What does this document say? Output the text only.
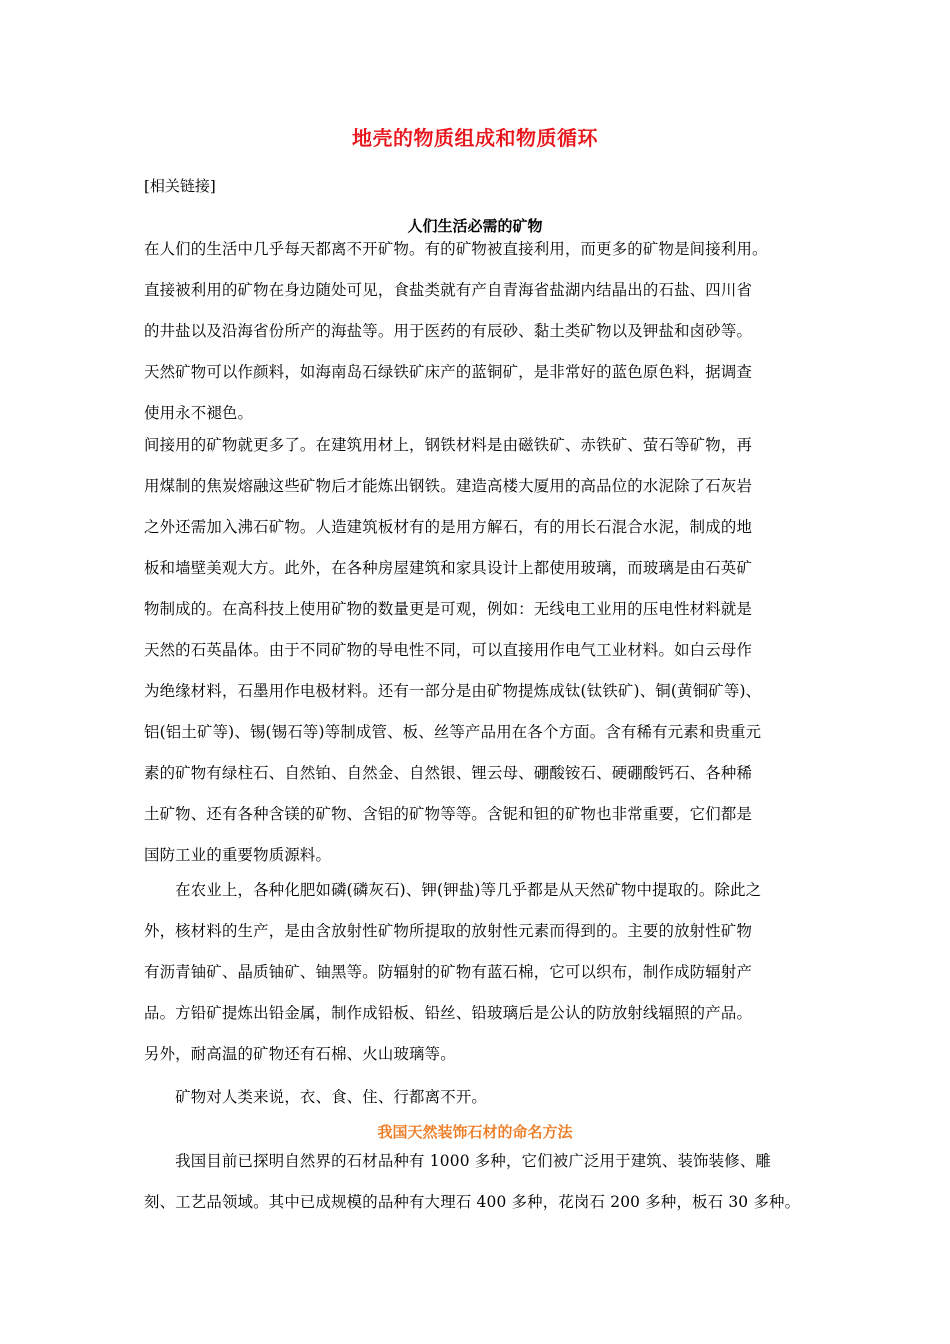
地壳的物质组成和物质循环
[相关链接]
人们生活必需的矿物
在人们的生活中几乎每天都离不开矿物。有的矿物被直接利用，而更多的矿物是间接利用。
直接被利用的矿物在身边随处可见，食盐类就有产自青海省盐湖内结晶出的石盐、四川省
的井盐以及沿海省份所产的海盐等。用于医药的有辰砂、黏土类矿物以及钾盐和卤砂等。
天然矿物可以作颜料，如海南岛石绿铁矿床产的蓝铜矿，是非常好的蓝色原色料，据调查
使用永不褪色。
间接用的矿物就更多了。在建筑用材上，钢铁材料是由磁铁矿、赤铁矿、萤石等矿物，再
用煤制的焦炭熔融这些矿物后才能炼出钢铁。建造高楼大厦用的高品位的水泥除了石灰岩
之外还需加入沸石矿物。人造建筑板材有的是用方解石，有的用长石混合水泥，制成的地
板和墙壁美观大方。此外，在各种房屋建筑和家具设计上都使用玻璃，而玻璃是由石英矿
物制成的。在高科技上使用矿物的数量更是可观，例如：无线电工业用的压电性材料就是
天然的石英晶体。由于不同矿物的导电性不同，可以直接用作电气工业材料。如白云母作
为绝缘材料，石墨用作电极材料。还有一部分是由矿物提炼成钛(钛铁矿)、铜(黄铜矿等)、
铝(铝土矿等)、锡(锡石等)等制成管、板、丝等产品用在各个方面。含有稀有元素和贵重元
素的矿物有绿柱石、自然铂、自然金、自然银、锂云母、硼酸铵石、硬硼酸钙石、各种稀
土矿物、还有各种含镁的矿物、含铝的矿物等等。含铌和钽的矿物也非常重要，它们都是
国防工业的重要物质源料。
　　在农业上，各种化肥如磷(磷灰石)、钾(钾盐)等几乎都是从天然矿物中提取的。除此之
外，核材料的生产，是由含放射性矿物所提取的放射性元素而得到的。主要的放射性矿物
有沥青铀矿、晶质铀矿、铀黑等。防辐射的矿物有蓝石棉，它可以织布，制作成防辐射产
品。方铅矿提炼出铅金属，制作成铅板、铅丝、铅玻璃后是公认的防放射线辐照的产品。
另外，耐高温的矿物还有石棉、火山玻璃等。
　　矿物对人类来说，衣、食、住、行都离不开。
我国天然装饰石材的命名方法
　　我国目前已探明自然界的石材品种有 1000 多种，它们被广泛用于建筑、装饰装修、雕
刻、工艺品领域。其中已成规模的品种有大理石 400 多种，花岗石 200 多种，板石 30 多种。
